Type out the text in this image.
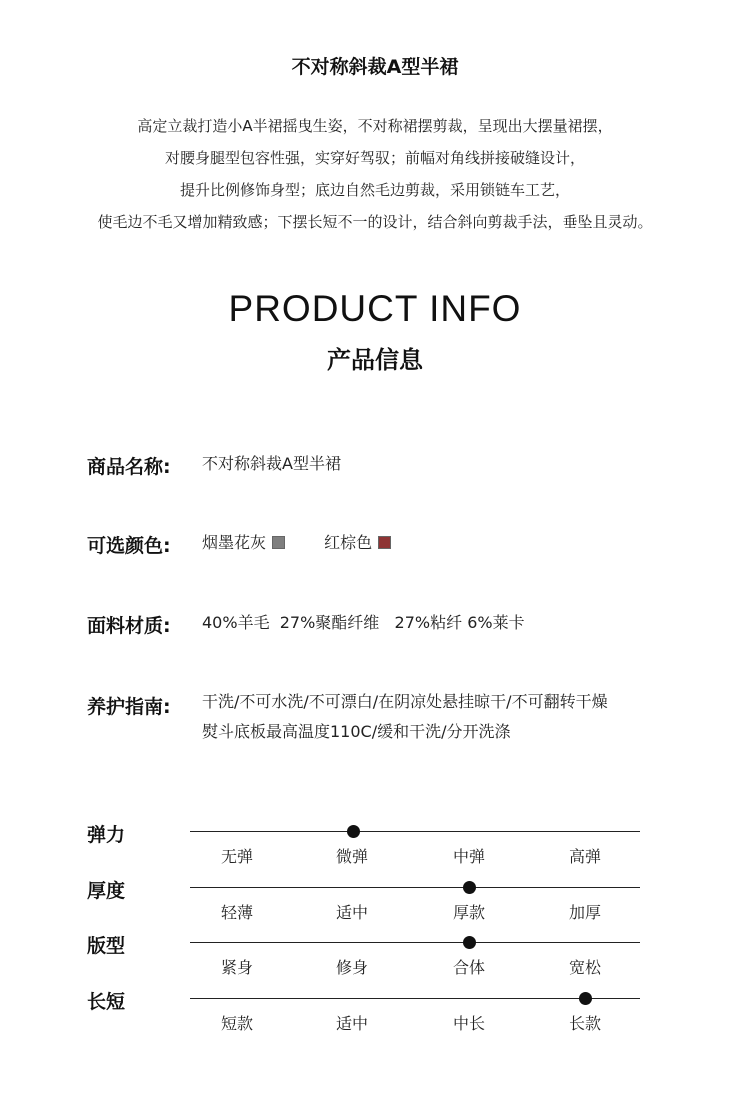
不对称斜裁A型半裙
高定立裁打造小A半裙摇曳生姿，不对称裙摆剪裁，呈现出大摆量裙摆，
对腰身腿型包容性强，实穿好驾驭；前幅对角线拼接破缝设计，
提升比例修饰身型；底边自然毛边剪裁，采用锁链车工艺，
使毛边不毛又增加精致感；下摆长短不一的设计，结合斜向剪裁手法，垂坠且灵动。
PRODUCT INFO
产品信息
商品名称: 不对称斜裁A型半裙
可选颜色: 烟墨花灰	红棕色
面料材质: 40%羊毛  27%聚酯纤维   27%粘纤 6%莱卡
养护指南: 干洗/不可水洗/不可漂白/在阴凉处悬挂晾干/不可翻转干燥
熨斗底板最高温度110C/缓和干洗/分开洗涤
弹力
无弹	微弹	中弹	高弹
厚度
轻薄	适中	厚款	加厚
版型
紧身	修身	合体	宽松
长短
短款	适中	中长	长款
